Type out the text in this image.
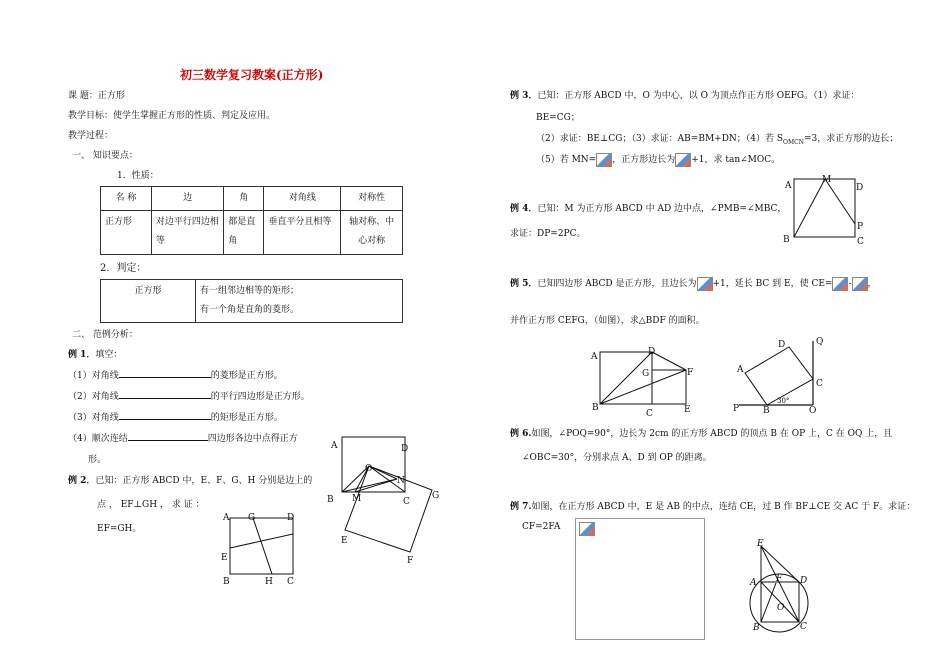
初三数学复习教案(正方形)
课 题：正方形
教学目标：使学生掌握正方形的性质、判定及应用。
教学过程：
一、 知识要点：
1．性质：
名 称	边	角	对角线	对称性
正方形	对边平行四边相等	都是直角	垂直平分且相等	轴对称、中心对称
2．判定：
正方形	有一组邻边相等的矩形；
有一个角是直角的菱形。
二、 范例分析：
例 1．填空：
（1）对角线	的菱形是正方形。
（2）对角线	的平行四边形是正方形。
（3）对角线	的矩形是正方形。
（4）顺次连结	四边形各边中点得正方
形。
例 2．已知：正方形 ABCD 中，E、F、G、H 分别是边上的
点 ， EF⊥GH ， 求 证 ：
EF=GH。
A G	D
E
B	H C
A	D
O
N
G
B M	C
E
F
例 3．已知：正方形 ABCD 中，O 为中心，以 O 为顶点作正方形 OEFG。（1）求证：
BE=CG；
（2）求证：BE⊥CG；（3）求证：AB=BM+DN；（4）若 $S_{OMCN}=3$，求正方形的边长；
（5）若 MN= ，正方形边长为 +1，求 tan∠MOC。
例 4．已知：M 为正方形 ABCD 中 AD 边中点，∠PMB=∠MBC，
求证：DP=2PC。
A
M
D
P
B	C
例 5．已知四边形 ABCD 是正方形，且边长为 +1，延长 BC 到 E，使 CE= - ，
并作正方形 CEFG，（如图），求△BDF 的面积。
A	D
G	F
B
C	E
D	Q
A
C
P	B
30°
O
例 6.如图，∠POQ=90°，边长为 2cm 的正方形 ABCD 的顶点 B 在 OP 上，C 在 OQ 上，且
∠OBC=30°，分别求点 A、D 到 OP 的距离。
例 7.如图，在正方形 ABCD 中，E 是 AB 的中点，连结 CE，过 B 作 BF⊥CE 交 AC 于 F。求证：
CF=2FA
E
A F D
O
B	C
